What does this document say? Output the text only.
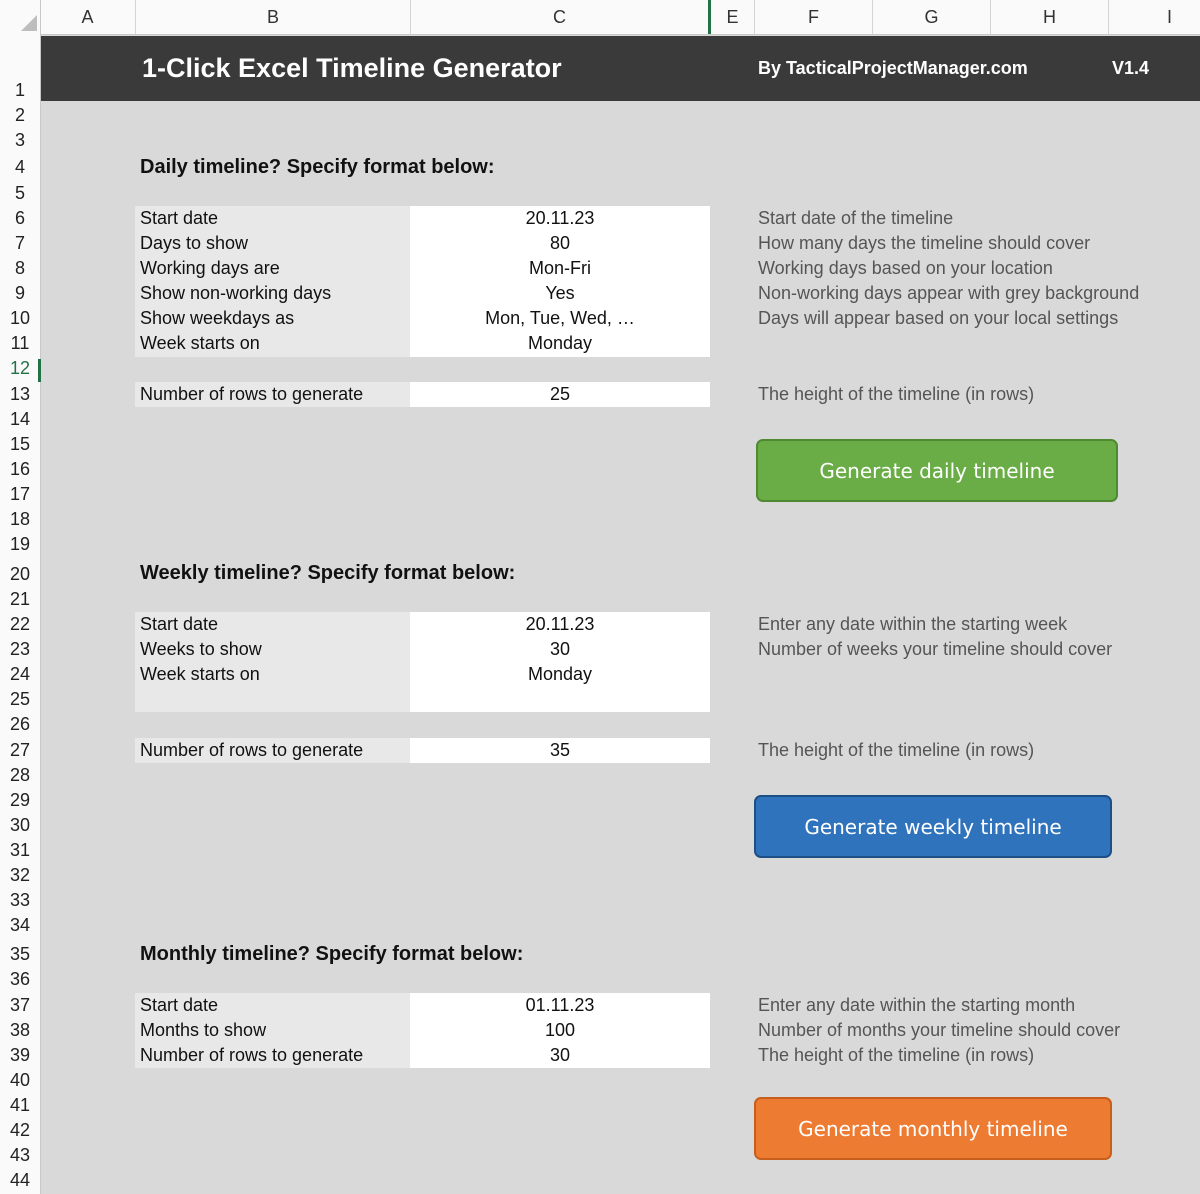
A	B	C	E	F	G	H	I
1-Click Excel Timeline Generator	By TacticalProjectManager.com	V1.4
Daily timeline? Specify format below:
Start date	20.11.23	Start date of the timeline
Days to show	80	How many days the timeline should cover
Working days are	Mon-Fri	Working days based on your location
Show non-working days	Yes	Non-working days appear with grey background
Show weekdays as	Mon, Tue, Wed, …	Days will appear based on your local settings
Week starts on	Monday
Number of rows to generate	25	The height of the timeline (in rows)
Generate daily timeline
Weekly timeline? Specify format below:
Start date	20.11.23	Enter any date within the starting week
Weeks to show	30	Number of weeks your timeline should cover
Week starts on	Monday
Number of rows to generate	35	The height of the timeline (in rows)
Generate weekly timeline
Monthly timeline? Specify format below:
Start date	01.11.23	Enter any date within the starting month
Months to show	100	Number of months your timeline should cover
Number of rows to generate	30	The height of the timeline (in rows)
Generate monthly timeline
1
2
3
4
5
6
7
8
9
10
11
12
13
14
15
16
17
18
19
20
21
22
23
24
25
26
27
28
29
30
31
32
33
34
35
36
37
38
39
40
41
42
43
44
